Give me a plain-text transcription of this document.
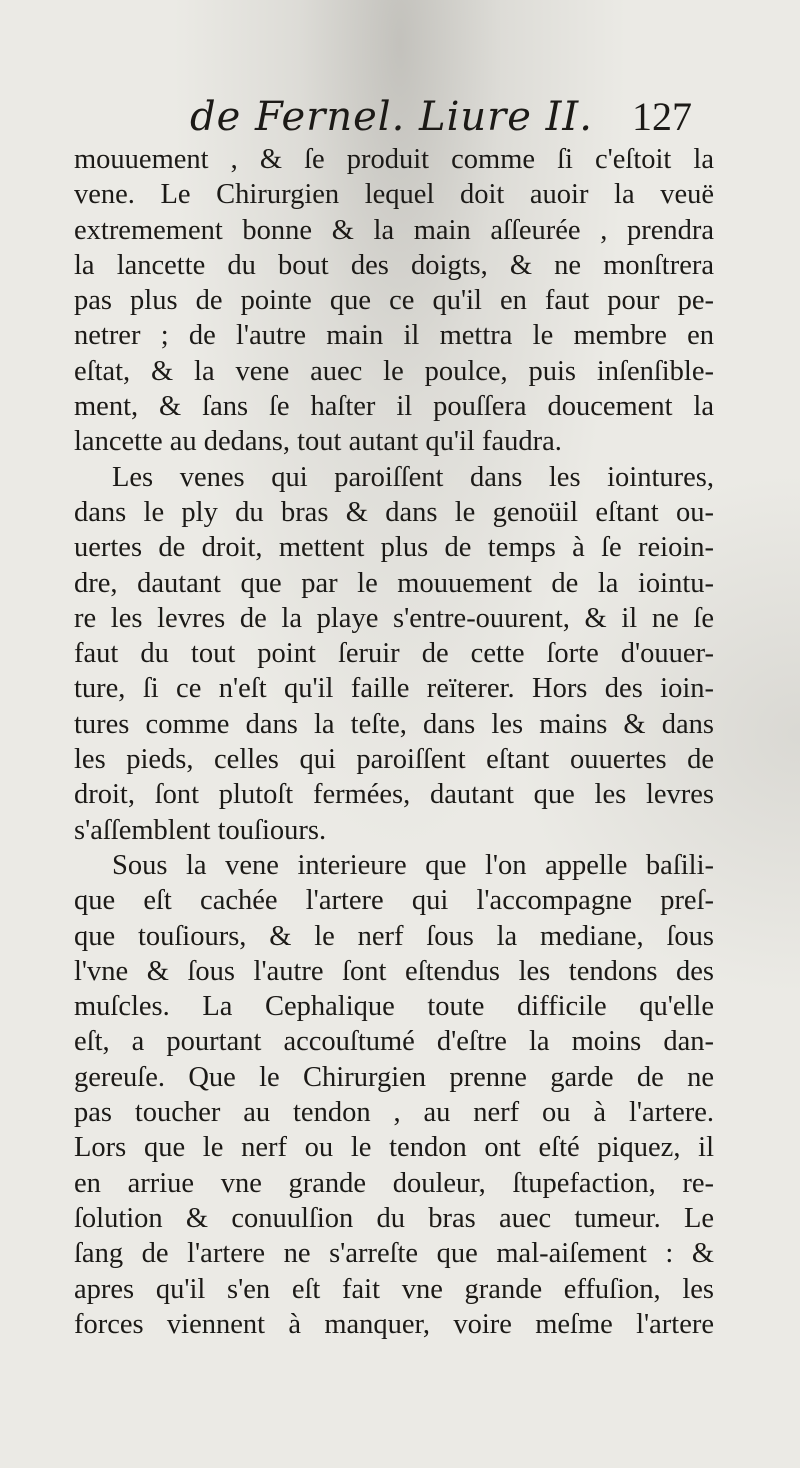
de Fernel. Liure II. 127
mouuement , & ſe produit comme ſi c'eſtoit la
vene. Le Chirurgien lequel doit auoir la veuë
extremement bonne & la main aſſeurée , prendra
la lancette du bout des doigts, & ne monſtrera
pas plus de pointe que ce qu'il en faut pour pe-
netrer ; de l'autre main il mettra le membre en
eſtat, & la vene auec le poulce, puis inſenſible-
ment, & ſans ſe haſter il pouſſera doucement la
lancette au dedans, tout autant qu'il faudra.
Les venes qui paroiſſent dans les iointures,
dans le ply du bras & dans le genoüil eſtant ou-
uertes de droit, mettent plus de temps à ſe reioin-
dre, dautant que par le mouuement de la iointu-
re les levres de la playe s'entre-ouurent, & il ne ſe
faut du tout point ſeruir de cette ſorte d'ouuer-
ture, ſi ce n'eſt qu'il faille reïterer. Hors des ioin-
tures comme dans la teſte, dans les mains & dans
les pieds, celles qui paroiſſent eſtant ouuertes de
droit, ſont plutoſt fermées, dautant que les levres
s'aſſemblent touſiours.
Sous la vene interieure que l'on appelle baſili-
que eſt cachée l'artere qui l'accompagne preſ-
que touſiours, & le nerf ſous la mediane, ſous
l'vne & ſous l'autre ſont eſtendus les tendons des
muſcles. La Cephalique toute difficile qu'elle
eſt, a pourtant accouſtumé d'eſtre la moins dan-
gereuſe. Que le Chirurgien prenne garde de ne
pas toucher au tendon , au nerf ou à l'artere.
Lors que le nerf ou le tendon ont eſté piquez, il
en arriue vne grande douleur, ſtupefaction, re-
ſolution & conuulſion du bras auec tumeur. Le
ſang de l'artere ne s'arreſte que mal-aiſement : &
apres qu'il s'en eſt fait vne grande effuſion, les
forces viennent à manquer, voire meſme l'artere
